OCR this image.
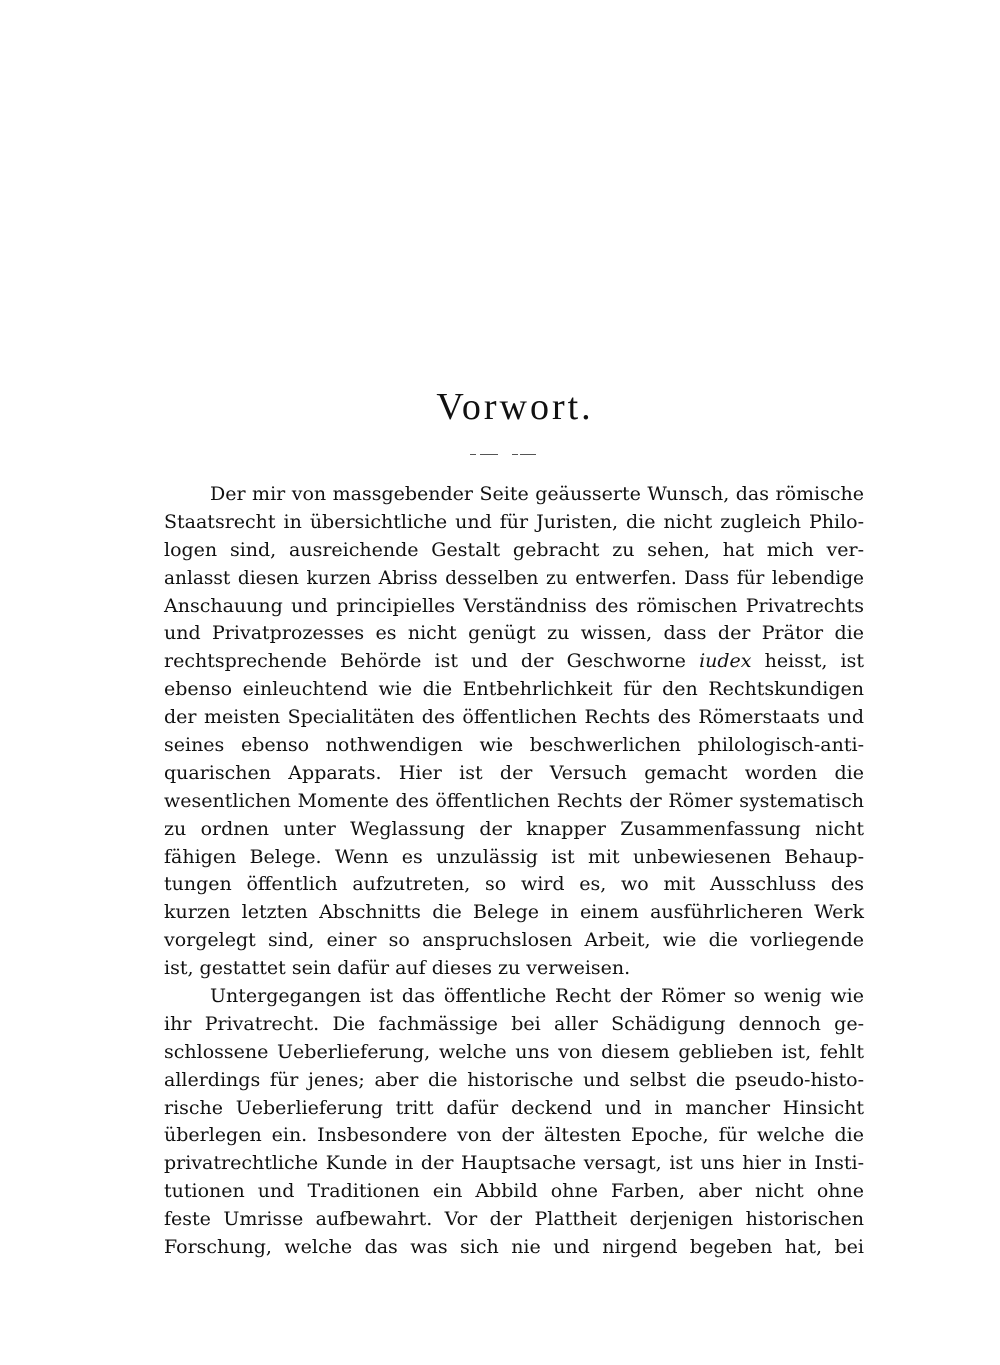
Vorwort.
Der mir von massgebender Seite geäusserte Wunsch, das römische
Staatsrecht in übersichtliche und für Juristen, die nicht zugleich Philo-
logen sind, ausreichende Gestalt gebracht zu sehen, hat mich ver-
anlasst diesen kurzen Abriss desselben zu entwerfen. Dass für lebendige
Anschauung und principielles Verständniss des römischen Privatrechts
und Privatprozesses es nicht genügt zu wissen, dass der Prätor die
rechtsprechende Behörde ist und der Geschworne iudex heisst, ist
ebenso einleuchtend wie die Entbehrlichkeit für den Rechtskundigen
der meisten Specialitäten des öffentlichen Rechts des Römerstaats und
seines ebenso nothwendigen wie beschwerlichen philologisch-anti-
quarischen Apparats. Hier ist der Versuch gemacht worden die
wesentlichen Momente des öffentlichen Rechts der Römer systematisch
zu ordnen unter Weglassung der knapper Zusammenfassung nicht
fähigen Belege. Wenn es unzulässig ist mit unbewiesenen Behaup-
tungen öffentlich aufzutreten, so wird es, wo mit Ausschluss des
kurzen letzten Abschnitts die Belege in einem ausführlicheren Werk
vorgelegt sind, einer so anspruchslosen Arbeit, wie die vorliegende
ist, gestattet sein dafür auf dieses zu verweisen.
Untergegangen ist das öffentliche Recht der Römer so wenig wie
ihr Privatrecht. Die fachmässige bei aller Schädigung dennoch ge-
schlossene Ueberlieferung, welche uns von diesem geblieben ist, fehlt
allerdings für jenes; aber die historische und selbst die pseudo-histo-
rische Ueberlieferung tritt dafür deckend und in mancher Hinsicht
überlegen ein. Insbesondere von der ältesten Epoche, für welche die
privatrechtliche Kunde in der Hauptsache versagt, ist uns hier in Insti-
tutionen und Traditionen ein Abbild ohne Farben, aber nicht ohne
feste Umrisse aufbewahrt. Vor der Plattheit derjenigen historischen
Forschung, welche das was sich nie und nirgend begeben hat, bei
